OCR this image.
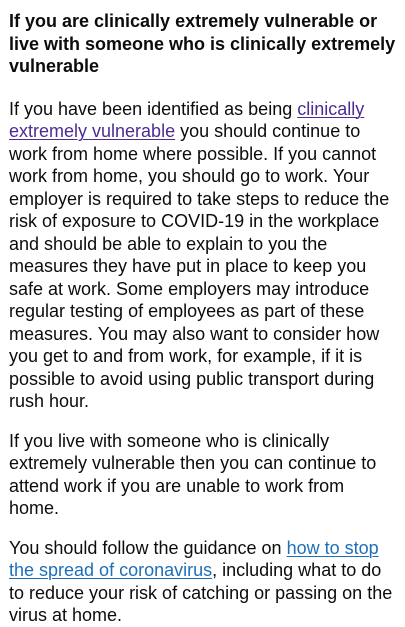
If you are clinically extremely vulnerable or live with someone who is clinically extremely vulnerable

If you have been identified as being clinically extremely vulnerable you should continue to work from home where possible. If you cannot work from home, you should go to work. Your employer is required to take steps to reduce the risk of exposure to COVID-19 in the workplace and should be able to explain to you the measures they have put in place to keep you safe at work. Some employers may introduce regular testing of employees as part of these measures. You may also want to consider how you get to and from work, for example, if it is possible to avoid using public transport during rush hour.

If you live with someone who is clinically extremely vulnerable then you can continue to attend work if you are unable to work from home.

You should follow the guidance on how to stop the spread of coronavirus, including what to do to reduce your risk of catching or passing on the virus at home.
